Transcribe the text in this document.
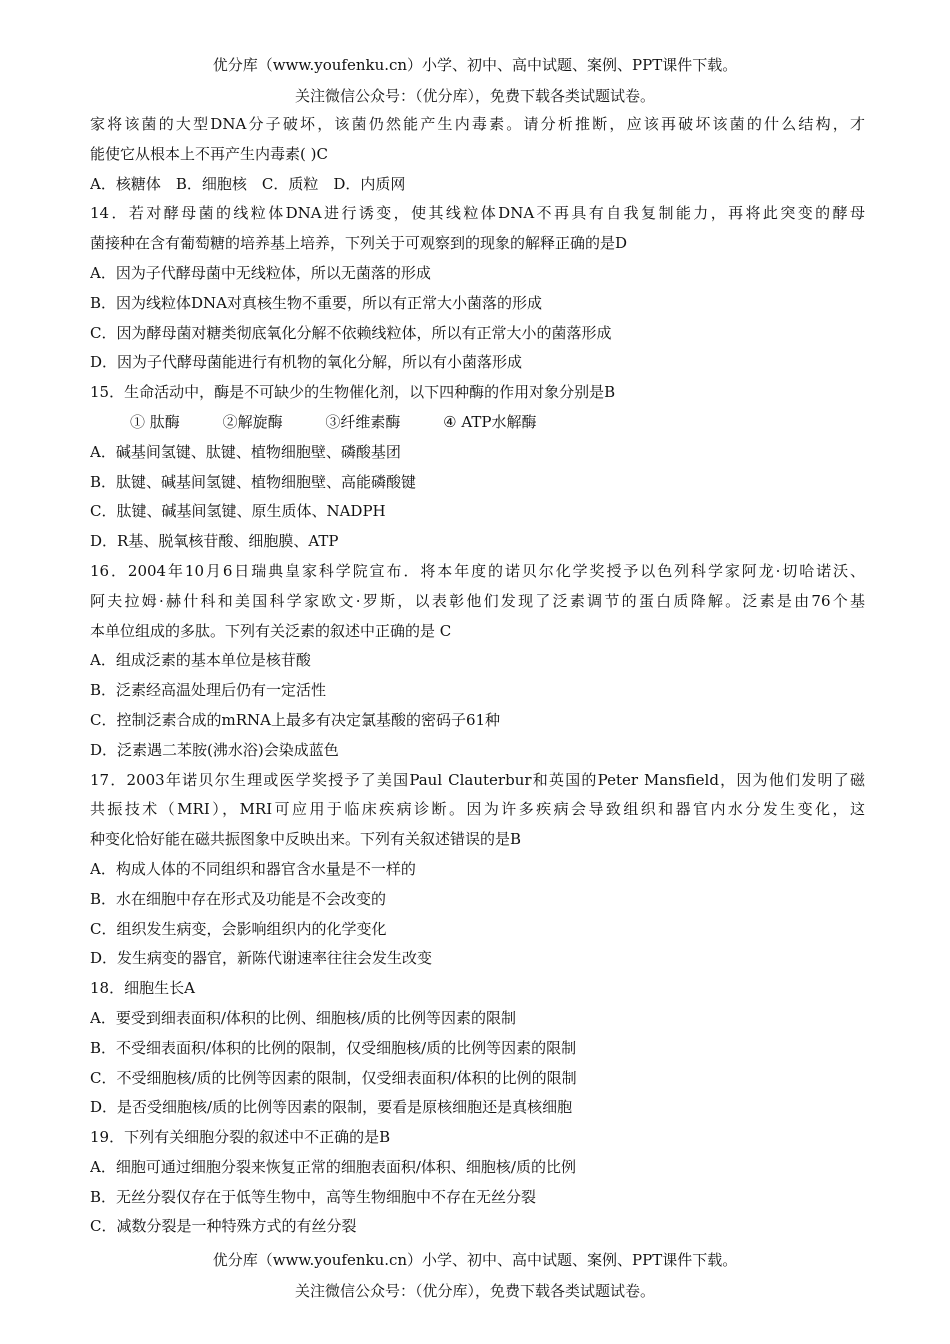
优分库（www.youfenku.cn）小学、初中、高中试题、案例、PPT课件下载。
关注微信公众号：（优分库），免费下载各类试题试卷。
家将该菌的大型DNA分子破坏，该菌仍然能产生内毒素。请分析推断，应该再破坏该菌的什么结构，才
能使它从根本上不再产生内毒素( )C
A．核糖体　B．细胞核　C．质粒　D．内质网
14．若对酵母菌的线粒体DNA进行诱变，使其线粒体DNA不再具有自我复制能力，再将此突变的酵母
菌接种在含有葡萄糖的培养基上培养，下列关于可观察到的现象的解释正确的是D
A．因为子代酵母菌中无线粒体，所以无菌落的形成
B．因为线粒体DNA对真核生物不重要，所以有正常大小菌落的形成
C．因为酵母菌对糖类彻底氧化分解不依赖线粒体，所以有正常大小的菌落形成
D．因为子代酵母菌能进行有机物的氧化分解，所以有小菌落形成
15．生命活动中，酶是不可缺少的生物催化剂，以下四种酶的作用对象分别是B
① 肽酶	②解旋酶	③纤维素酶	④ ATP水解酶
A．碱基间氢键、肽键、植物细胞壁、磷酸基团
B．肽键、碱基间氢键、植物细胞壁、高能磷酸键
C．肽键、碱基间氢键、原生质体、NADPH
D．R基、脱氧核苷酸、细胞膜、ATP
16．2004年10月6日瑞典皇家科学院宣布．将本年度的诺贝尔化学奖授予以色列科学家阿龙·切哈诺沃、
阿夫拉姆·赫什科和美国科学家欧文·罗斯，以表彰他们发现了泛素调节的蛋白质降解。泛素是由76个基
本单位组成的多肽。下列有关泛素的叙述中正确的是 C
A．组成泛素的基本单位是核苷酸
B．泛素经高温处理后仍有一定活性
C．控制泛素合成的mRNA上最多有决定氯基酸的密码子61种
D．泛素遇二苯胺(沸水浴)会染成蓝色
17．2003年诺贝尔生理或医学奖授予了美国Paul Clauterbur和英国的Peter Mansfield，因为他们发明了磁
共振技术（MRI），MRI可应用于临床疾病诊断。因为许多疾病会导致组织和器官内水分发生变化，这
种变化恰好能在磁共振图象中反映出来。下列有关叙述错误的是B
A．构成人体的不同组织和器官含水量是不一样的
B．水在细胞中存在形式及功能是不会改变的
C．组织发生病变，会影响组织内的化学变化
D．发生病变的器官，新陈代谢速率往往会发生改变
18．细胞生长A
A．要受到细表面积/体积的比例、细胞核/质的比例等因素的限制
B．不受细表面积/体积的比例的限制，仅受细胞核/质的比例等因素的限制
C．不受细胞核/质的比例等因素的限制，仅受细表面积/体积的比例的限制
D．是否受细胞核/质的比例等因素的限制，要看是原核细胞还是真核细胞
19．下列有关细胞分裂的叙述中不正确的是B
A．细胞可通过细胞分裂来恢复正常的细胞表面积/体积、细胞核/质的比例
B．无丝分裂仅存在于低等生物中，高等生物细胞中不存在无丝分裂
C．减数分裂是一种特殊方式的有丝分裂
优分库（www.youfenku.cn）小学、初中、高中试题、案例、PPT课件下载。
关注微信公众号：（优分库），免费下载各类试题试卷。
